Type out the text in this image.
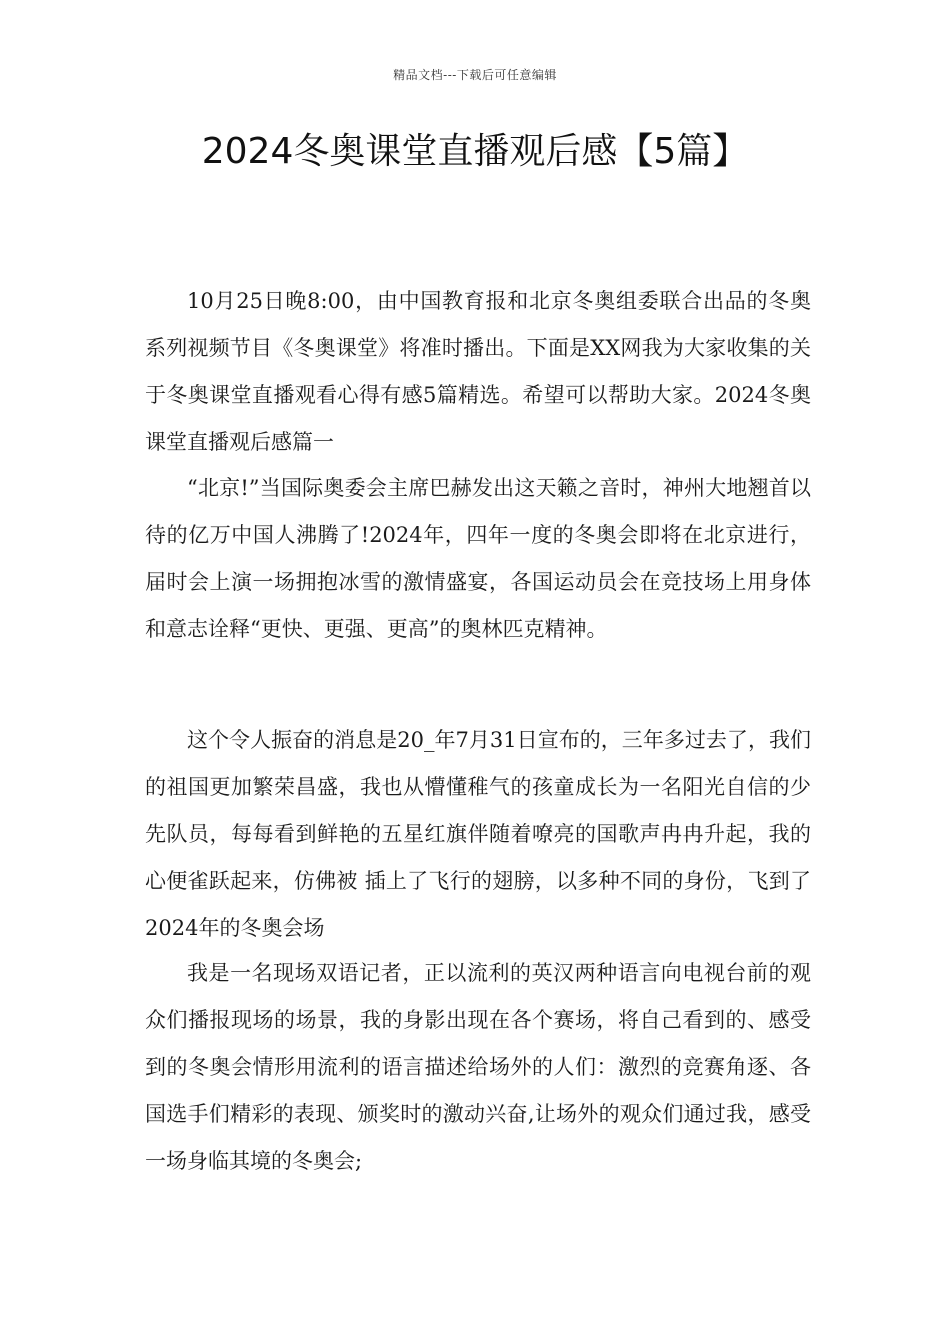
精品文档---下载后可任意编辑
2024冬奥课堂直播观后感【5篇】

10月25日晚8:00，由中国教育报和北京冬奥组委联合出品的冬奥系列视频节目《冬奥课堂》将准时播出。下面是XX网我为大家收集的关于冬奥课堂直播观看心得有感5篇精选。希望可以帮助大家。2024冬奥课堂直播观后感篇一

“北京!”当国际奥委会主席巴赫发出这天籁之音时，神州大地翘首以待的亿万中国人沸腾了!2024年，四年一度的冬奥会即将在北京进行，届时会上演一场拥抱冰雪的激情盛宴，各国运动员会在竞技场上用身体和意志诠释“更快、更强、更高”的奥林匹克精神。

这个令人振奋的消息是20_年7月31日宣布的，三年多过去了，我们的祖国更加繁荣昌盛，我也从懵懂稚气的孩童成长为一名阳光自信的少先队员，每每看到鲜艳的五星红旗伴随着嘹亮的国歌声冉冉升起，我的心便雀跃起来，仿佛被 插上了飞行的翅膀，以多种不同的身份，飞到了2024年的冬奥会场

我是一名现场双语记者，正以流利的英汉两种语言向电视台前的观众们播报现场的场景，我的身影出现在各个赛场，将自己看到的、感受到的冬奥会情形用流利的语言描述给场外的人们：激烈的竞赛角逐、各国选手们精彩的表现、颁奖时的激动兴奋,让场外的观众们通过我，感受一场身临其境的冬奥会;
